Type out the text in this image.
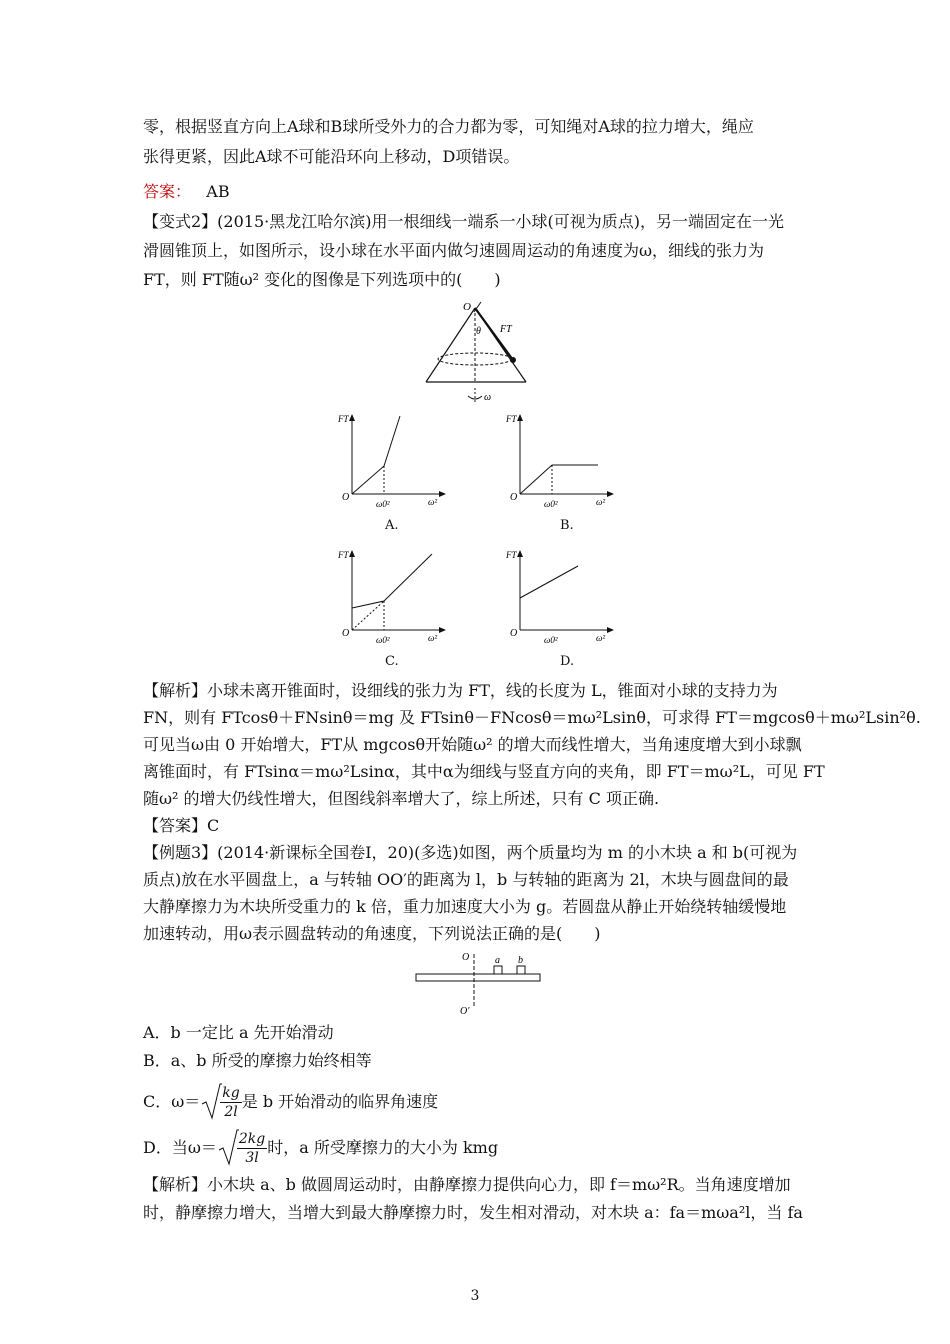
零，根据竖直方向上A球和B球所受外力的合力都为零，可知绳对A球的拉力增大，绳应
张得更紧，因此A球不可能沿环向上移动，D项错误。
答案： AB
【变式2】(2015·黑龙江哈尔滨)用一根细线一端系一小球(可视为质点)，另一端固定在一光
滑圆锥顶上，如图所示，设小球在水平面内做匀速圆周运动的角速度为ω，细线的张力为
FT，则 FT随ω² 变化的图像是下列选项中的(　　)
O
θ FT
ω
FT
O
ω0²	ω²
A.
FT
O
ω0²	ω²
B.
FT
O
ω0²	ω²
C.
FT
O
ω0²	ω²
D.
【解析】小球未离开锥面时，设细线的张力为 FT，线的长度为 L，锥面对小球的支持力为
FN，则有 FTcosθ＋FNsinθ＝mg 及 FTsinθ－FNcosθ＝mω²Lsinθ，可求得 FT＝mgcosθ＋mω²Lsin²θ.
可见当ω由 0 开始增大，FT从 mgcosθ开始随ω² 的增大而线性增大，当角速度增大到小球飘
离锥面时，有 FTsinα＝mω²Lsinα，其中α为细线与竖直方向的夹角，即 FT＝mω²L，可见 FT
随ω² 的增大仍线性增大，但图线斜率增大了，综上所述，只有 C 项正确.
【答案】C
【例题3】(2014·新课标全国卷Ⅰ，20)(多选)如图，两个质量均为 m 的小木块 a 和 b(可视为
质点)放在水平圆盘上，a 与转轴 OO′的距离为 l，b 与转轴的距离为 2l，木块与圆盘间的最
大静摩擦力为木块所受重力的 k 倍，重力加速度大小为 g。若圆盘从静止开始绕转轴缓慢地
加速转动，用ω表示圆盘转动的角速度，下列说法正确的是(　　)
O
O′
a b
A．b 一定比 a 先开始滑动
B．a、b 所受的摩擦力始终相等
C．$\omega= \frac{kg}{2l}$ 是 b 开始滑动的临界角速度
D．当$\omega= \frac{2kg}{3l}$ 时，a 所受摩擦力的大小为 kmg
【解析】小木块 a、b 做圆周运动时，由静摩擦力提供向心力，即 f＝mω²R。当角速度增加
时，静摩擦力增大，当增大到最大静摩擦力时，发生相对滑动，对木块 a：fa＝mωa²l，当 fa
3
